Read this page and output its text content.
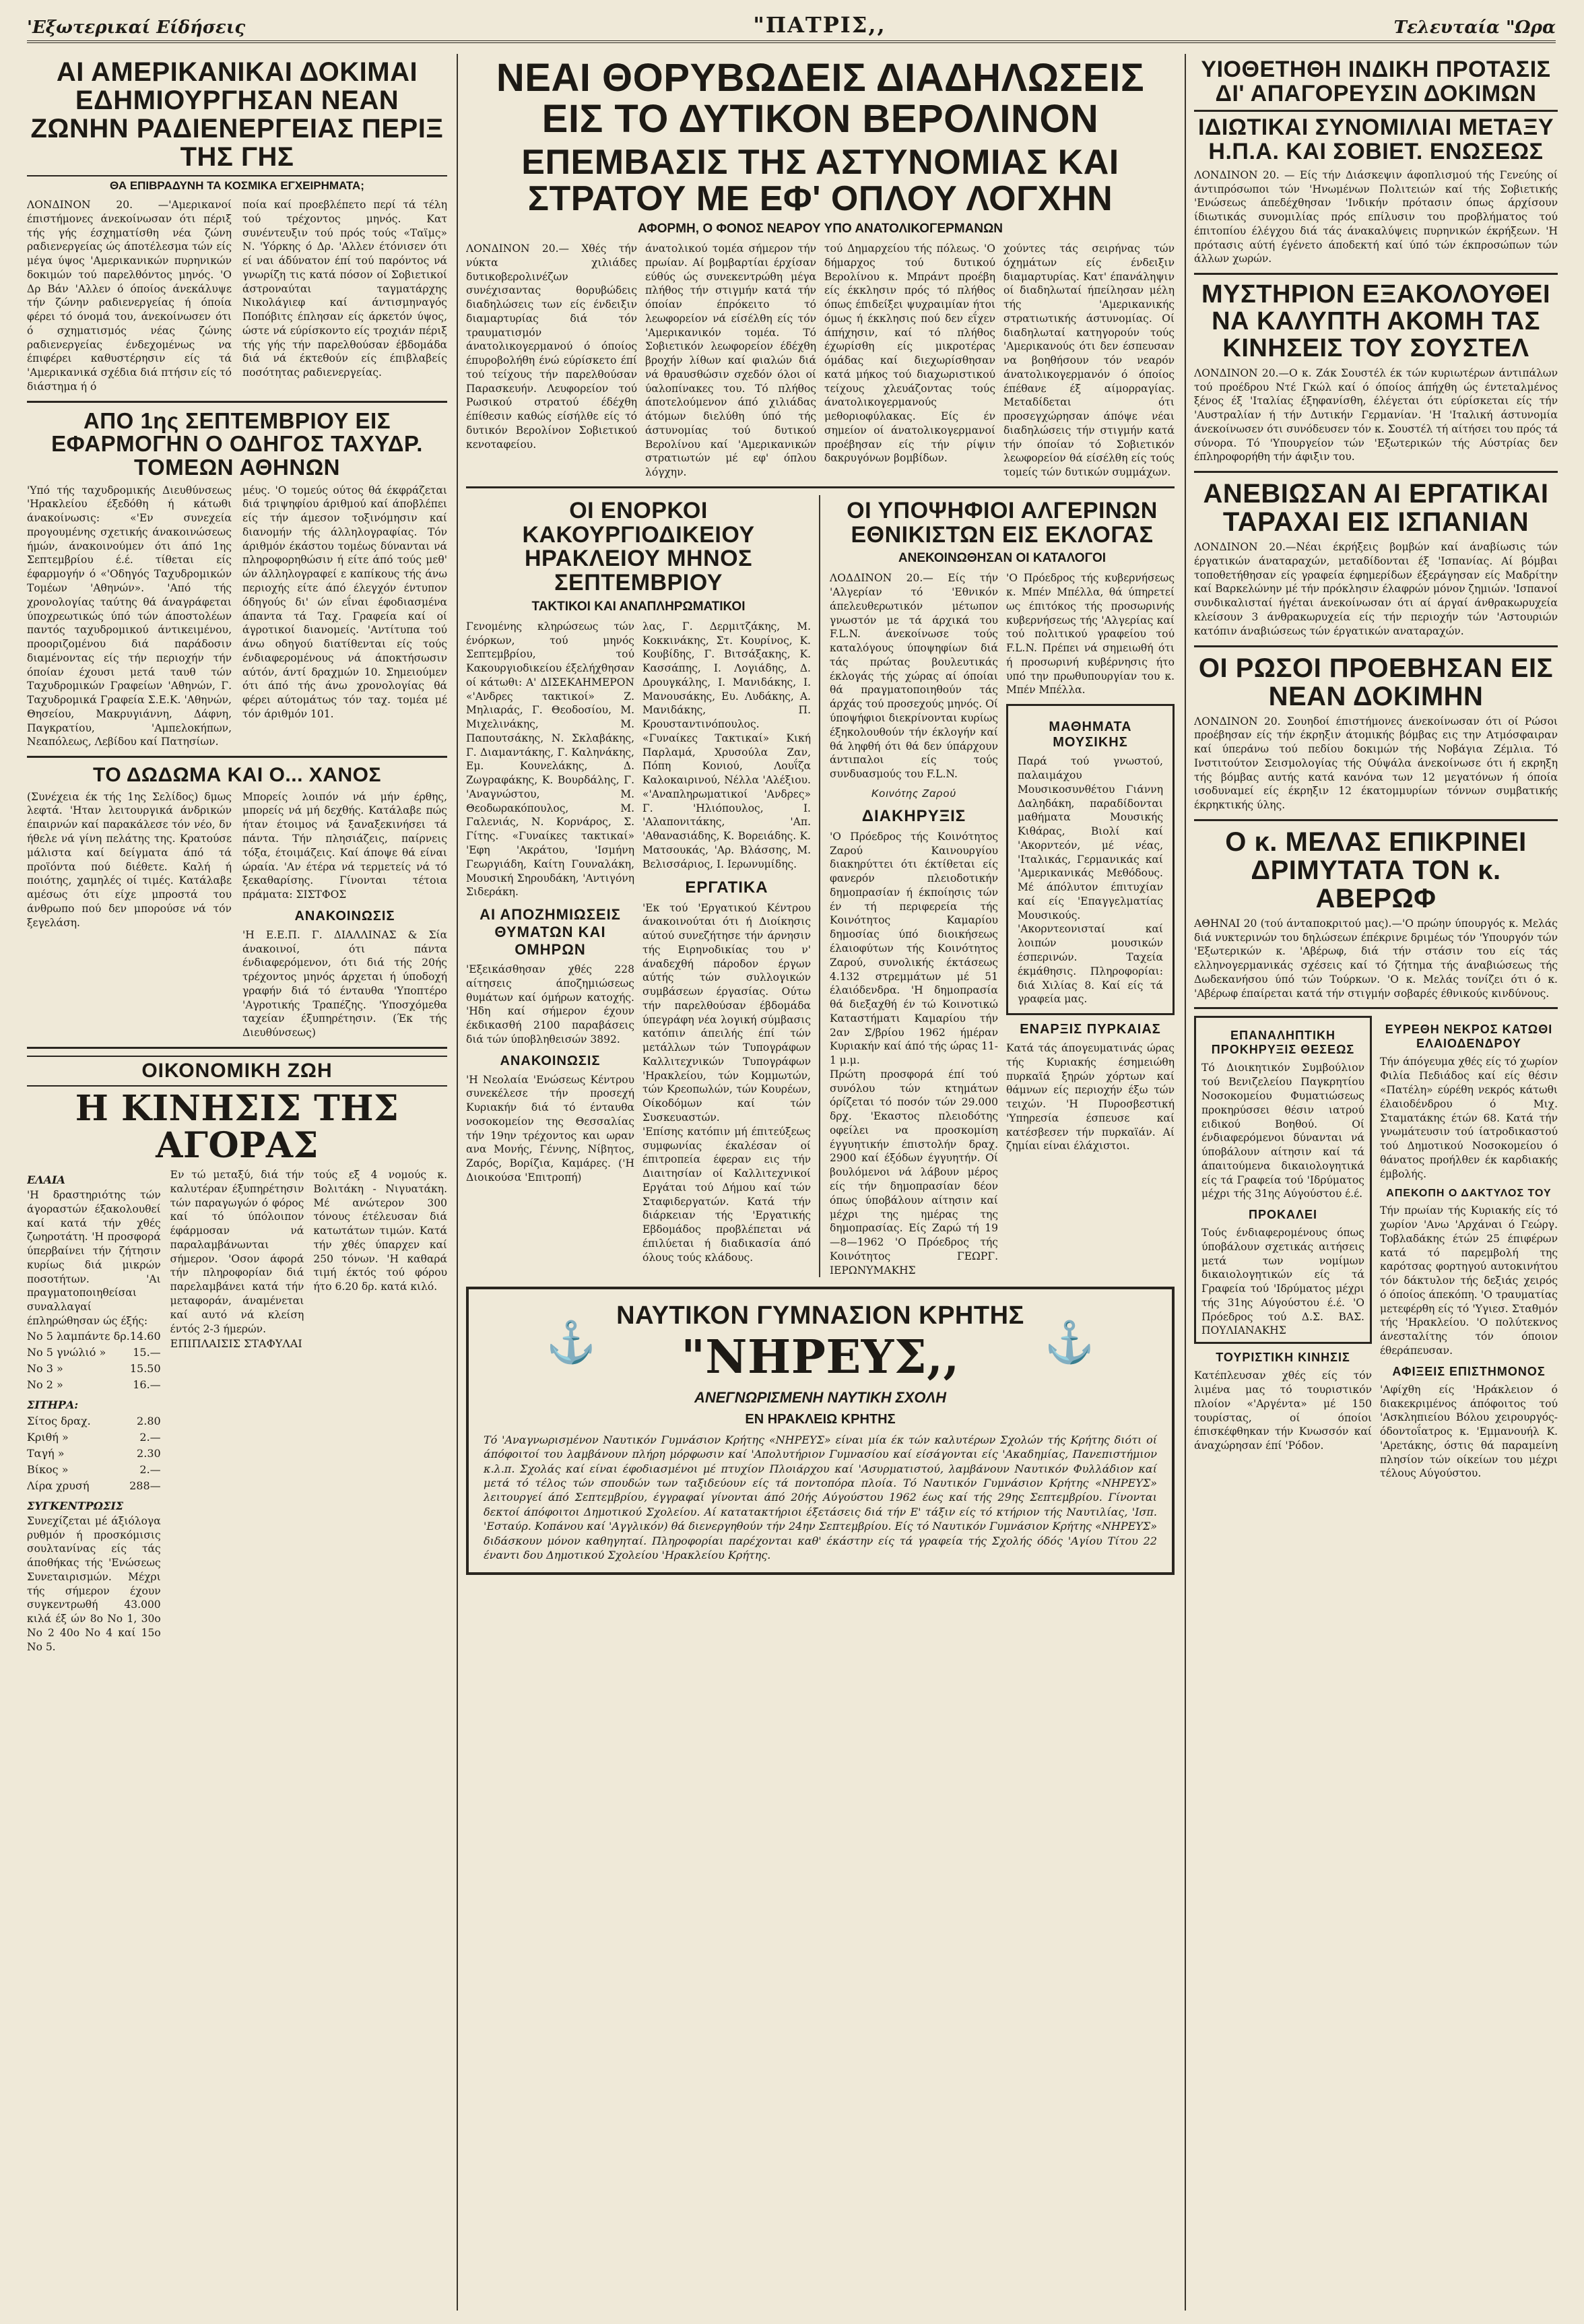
'Εξωτερικαί Είδήσεις	"ΠΑΤΡΙΣ,,	Τελευταία "Ωρα
ΑΙ ΑΜΕΡΙΚΑΝΙΚΑΙ ΔΟΚΙΜΑΙ ΕΔΗΜΙΟΥΡΓΗΣΑΝ ΝΕΑΝ ΖΩΝΗΝ ΡΑΔΙΕΝΕΡΓΕΙΑΣ ΠΕΡΙΞ ΤΗΣ ΓΗΣ
ΘΑ ΕΠΙΒΡΑΔΥΝΗ ΤΑ ΚΟΣΜΙΚΑ ΕΓΧΕΙΡΗΜΑΤΑ;

ΛΟΝΔΙΝΟΝ 20. —'Αμερικανοί έπιστήμονες άνεκοίνωσαν ότι πέριξ τής γής έσχηματίσθη νέα ζώνη ραδιενεργείας ώς άποτέλεσμα τών είς μέγα ύψος 'Αμερικανικών πυρηνικών δοκιμών τού παρελθόντος μηνός. 'Ο Δρ Βάν 'Αλλεν ό όποίος άνεκάλυψε τήν ζώνην ραδιενεργείας ή όποία φέρει τό όνομά του, άνεκοίνωσεν ότι ό σχηματισμός νέας ζώνης ραδιενεργείας ένδεχομένως να έπιφέρει καθυστέρησιν είς τά 'Αμερικανικά σχέδια διά πτήσιν είς τό διάστημα ή ό

ποία καί προεβλέπετο περί τά τέλη τού τρέχοντος μηνός. Κατ συνέντευξιν τού πρός τούς «Ταϊμς» Ν. 'Υόρκης ό Δρ. 'Αλλεν έτόνισεν ότι εί ναι άδύνατον έπί τού παρόντος νά γνωρίζη τις κατά πόσον οί Σοβιετικοί άστροναύται ταγματάρχης Νικολάγιεφ καί άντισμηναγός Ποπόβιτς έπλησαν είς άρκετόν ύψος, ώστε νά εύρίσκοντο είς τροχιάν πέριξ τής γής τήν παρελθούσαν έβδομάδα διά νά έκτεθούν είς έπιβλαβείς ποσότητας ραδιενεργείας.

ΑΠΟ 1ης ΣΕΠΤΕΜΒΡΙΟΥ ΕΙΣ ΕΦΑΡΜΟΓΗΝ Ο ΟΔΗΓΟΣ ΤΑΧΥΔΡ. ΤΟΜΕΩΝ ΑΘΗΝΩΝ

'Υπό τής ταχυδρομικής Διευθύνσεως 'Ηρακλείου έξεδόθη ή κάτωθι άνακοίνωσις: «'Εν συνεχεία προγουμένης σχετικής άνακοινώσεως ήμών, άνακοινούμεν ότι άπό 1ης Σεπτεμβρίου έ.έ. τίθεται είς έφαρμογήν ό «'Οδηγός Ταχυδρομικών Τομέων 'Αθηνών». 'Από τής χρονολογίας ταύτης θά άναγράφεται ύποχρεωτικώς ύπό τών άποστολέων παντός ταχυδρομικού άντικειμένου, προοριζομένου διά παράδοσιν διαμένοντας είς τήν περιοχήν τήν όποίαν έχουσι μετά ταυθ τών Ταχυδρομικών Γραφείων 'Αθηνών, Γ. Ταχυδρομικά Γραφεία Σ.Ε.Κ. 'Αθηνών, Θησείου, Μακρυγιάννη, Δάφνη, Παγκρατίου, 'Αμπελοκήπων, Νεαπόλεως, Λεβίδου καί Πατησίων.

μέυς. 'Ο τομεύς ούτος θά έκφράζεται διά τριψηφίου άριθμού καί άποβλέπει είς τήν άμεσον τοξινόμησιν καί διανομήν τής άλληλογραφίας. Τόν άριθμόν έκάστου τομέως δύνανται νά πληροφορηθώσιν ή είτε άπό τούς μεθ' ών άλληλογραφεί ε καπίκους τής άνω περιοχής είτε άπό έλεγχόν έντυπον όδηγούς δι' ών εΐναι έφοδιασμένα άπαντα τά Ταχ. Γραφεία καί οί άγροτικοί διανομείς. 'Αντίτυπα τού άνω οδηγού διατίθενται είς τούς ένδιαφερομένους νά άποκτήσωσιν αύτόν, άντί δραχμών 10. Σημειούμεν ότι άπό τής άνω χρονολογίας θά φέρει αύτομάτως τόν ταχ. τομέα μέ τόν άριθμόν 101.

ΤΟ ΔΩΔΩΜΑ ΚΑΙ Ο... ΧΑΝΟΣ

(Συνέχεια έκ τής 1ης Σελίδος) δμως λεφτά. 'Ηταν λειτουργικά άνδρικών έπαιρνών καί παρακάλεσε τόν νέο, δν ήθελε νά γίνη πελάτης της. Κρατούσε μάλιστα καί δείγματα άπό τά προϊόντα πού διέθετε. Καλή ή ποιότης, χαμηλές οί τιμές. Κατάλαβε αμέσως ότι είχε μπροστά του άνθρωπο πού δεν μπορούσε νά τόν ξεγελάση.

Μπορείς λοιπόν νά μήν έρθης, μπορείς νά μή δεχθής. Κατάλαβε πώς ήταν έτοιμος νά ξαναξεκινήσει τά πάντα. Τήν πλησιάζεις, παίρνεις τόξα, έτοιμάζεις. Καί άποψε θά είναι ώραία. 'Αν έτέρα νά τερμετείς νά τό ξεκαθαρίσης. Γίνονται τέτοια πράματα: ΣΙΣΤΦΟΣ

ΑΝΑΚΟΙΝΩΣΙΣ

'Η Ε.Ε.Π. Γ. ΔΙΑΛΛΙΝΑΣ & Σία άνακοινοί, ότι πάντα ένδιαφερόμενον, ότι διά τής 20ής τρέχοντος μηνός άρχεται ή ύποδοχή γραφήν διά τό ένταυθα 'Υποπτέρο 'Αγροτικής Τραπέζης. 'Υποσχόμεθα ταχείαν έξυπηρέτησιν. (Έκ τής Διευθύνσεως)

ΟΙΚΟΝΟΜΙΚΗ ΖΩΗ
Η ΚΙΝΗΣΙΣ ΤΗΣ ΑΓΟΡΑΣ
ΕΛΑΙΑ

'Η δραστηριότης τών άγοραστών έξακολουθεί καί κατά τήν χθές ζωηροτάτη. 'Η προσφορά ύπερβαίνει τήν ζήτησιν κυρίως διά μικρών ποσοτήτων. 'Αι πραγματοποιηθείσαι συναλλαγαί έπληρώθησαν ώς έξής:

Νο 5 λαμπάντε δρ. 14.60
Νο 5 γνώλιό » 15.—
Νο 3 »	15.50
Νο 2 »	16.—
ΣΙΤΗΡΑ:
Σίτος δραχ.	2.80
Κριθή »	2.—
Ταγή »	2.30
Βίκος »	2.—
Λίρα χρυσή	288—
ΣΥΓΚΕΝΤΡΩΣΙΣ

Συνεχίζεται μέ άξιόλογα ρυθμόν ή προσκόμισις σουλτανίνας είς τάς άποθήκας τής 'Ενώσεως Συνεταιρισμών. Μέχρι τής σήμερον έχουν συγκεντρωθή 43.000 κιλά έξ ών 8ο Νο 1, 30ο Νο 2 40ο Νο 4 καί 15ο Νο 5.

Εν τώ μεταξύ, διά τήν καλυτέραν έξυπηρέτησιν τών παραγωγών ό φόρος καί τό ύπόλοιπον έφάρμοσαν νά παραλαμβάνωνται σήμερον. 'Οσον άφορά τήν πληροφορίαν διά παρελαμβάνει κατά τήν μεταφοράν, άναμένεται καί αυτό νά κλείση έντός 2-3 ήμερών.

ΕΠΙΠΛΑΙΣΙΣ ΣΤΑΦΥΛΑΙ

τούς εξ 4 νομούς κ. Βολιτάκη - Νιγυατάκη. Μέ ανώτερον 300 τόνους έτέλευσαν διά κατωτάτων τιμών. Κατά τήν χθές ύπαρχεν καί 250 τόνων. 'Η καθαρά τιμή έκτός τού φόρου ήτο 6.20 δρ. κατά κιλό.

ΝΕΑΙ ΘΟΡΥΒΩΔΕΙΣ ΔΙΑΔΗΛΩΣΕΙΣ ΕΙΣ ΤΟ ΔΥΤΙΚΟΝ ΒΕΡΟΛΙΝΟΝ
ΕΠΕΜΒΑΣΙΣ ΤΗΣ ΑΣΤΥΝΟΜΙΑΣ ΚΑΙ ΣΤΡΑΤΟΥ ΜΕ ΕΦ' ΟΠΛΟΥ ΛΟΓΧΗΝ
ΑΦΟΡΜΗ, Ο ΦΟΝΟΣ ΝΕΑΡΟΥ ΥΠΟ ΑΝΑΤΟΛΙΚΟΓΕΡΜΑΝΩΝ

ΛΟΝΔΙΝΟΝ 20.— Χθές τήν νύκτα χιλιάδες δυτικοβερολινέζων συνέχισαντας θορυβώδεις διαδηλώσεις των είς ένδειξιν διαμαρτυρίας διά τόν τραυματισμόν άνατολικογερμανού ό όποίος έπυροβολήθη ένώ εύρίσκετο έπί τού τείχους τήν παρελθούσαν Παρασκευήν. Λευφορείον τού Ρωσικού στρατού έδέχθη έπίθεσιν καθώς είσήλθε είς τό δυτικόν Βερολίνον Σοβιετικού κενοταφείου.

άνατολικού τομέα σήμερον τήν πρωίαν. Αί βομβαρτίαι έρχίσαν εύθύς ώς συνεκεντρώθη μέγα πλήθος τήν στιγμήν κατά τήν όποίαν έπρόκειτο τό λεωφορείον νά είσέλθη είς τόν 'Αμερικανικόν τομέα. Τό Σοβιετικόν λεωφορείον έδέχθη βροχήν λίθων καί φιαλών διά νά θραυσθώσιν σχεδόν όλοι οί ύαλοπίνακες του. Τό πλήθος άποτελούμενον άπό χιλιάδας άτόμων διελύθη ύπό τής άστυνομίας τού δυτικού Βερολίνου καί 'Αμερικανικών στρατιωτών μέ εφ' όπλου λόγχην.

τού Δημαρχείου τής πόλεως. 'Ο δήμαρχος τού δυτικού Βερολίνου κ. Μπράντ προέβη είς έκκλησιν πρός τό πλήθος όπως έπιδείξει ψυχραιμίαν ήτοι όμως ή έκκλησις πού δεν εΐχεν άπήχησιν, καί τό πλήθος έχωρίσθη είς μικροτέρας όμάδας καί διεχωρίσθησαν κατά μήκος τού διαχωριστικού τείχους χλευάζοντας τούς άνατολικογερμανούς μεθοριοφύλακας. Είς έν σημείον οί άνατολικογερμανοί προέβησαν είς τήν ρίψιν δακρυγόνων βομβίδων.

χούντες τάς σειρήνας τών όχημάτων είς ένδειξιν διαμαρτυρίας. Κατ' έπανάληψιν οί διαδηλωταί ήπείλησαν μέλη τής 'Αμερικανικής στρατιωτικής άστυνομίας. Οί διαδηλωταί κατηγορούν τούς 'Αμερικανούς ότι δεν έσπευσαν να βοηθήσουν τόν νεαρόν άνατολικογερμανόν ό όποίος έπέθανε έξ αίμορραγίας. Μεταδίδεται ότι προσεγχώρησαν άπόψε νέαι διαδηλώσεις τήν στιγμήν κατά τήν όποίαν τό Σοβιετικόν λεωφορείον θά είσέλθη είς τούς τομείς τών δυτικών συμμάχων.

ΟΙ ΕΝΟΡΚΟΙ ΚΑΚΟΥΡΓΙΟΔΙΚΕΙΟΥ ΗΡΑΚΛΕΙΟΥ ΜΗΝΟΣ ΣΕΠΤΕΜΒΡΙΟΥ
ΤΑΚΤΙΚΟΙ ΚΑΙ ΑΝΑΠΛΗΡΩΜΑΤΙΚΟΙ

Γενομένης κληρώσεως τών ένόρκων, τού μηνός Σεπτεμβρίου, τού Κακουργιοδικείου έξελήχθησαν οί κάτωθι: Α' ΔΙΣΕΚΑΗΜΕΡΟΝ «'Ανδρες τακτικοί» Ζ. Μηλιαράς, Γ. Θεοδοσίου, Μ. Μιχελινάκης, Μ. Παπουτσάκης, Ν. Σκλαβάκης, Γ. Διαμαντάκης, Γ. Καληνάκης, Εμ. Κουνελάκης, Δ. Ζωγραφάκης, Κ. Βουρδάλης, Γ. 'Αναγνώστου, Μ. Θεοδωρακόπουλος, Μ. Γαλενιάς, Ν. Κορνάρος, Σ. Γίτης. «Γυναίκες τακτικαί» 'Εφη 'Ακράτου, 'Ισμήνη Γεωργιάδη, Καίτη Γουναλάκη, Μουσική Σηρουδάκη, 'Αντιγόνη Σιδεράκη.

ΑΙ ΑΠΟΖΗΜΙΩΣΕΙΣ ΘΥΜΑΤΩΝ ΚΑΙ ΟΜΗΡΩΝ

'Εξεικάσθησαν χθές 228 αίτησεις άποζημιώσεως θυμάτων καί όμήρων κατοχής. 'Ηδη καί σήμερον έχουν έκδικασθή 2100 παραβάσεις διά τών ύποβληθεισών 3892.

ΑΝΑΚΟΙΝΩΣΙΣ

'Η Νεολαία 'Ενώσεως Κέντρου συνεκέλεσε τήν προσεχή Κυριακήν διά τό ένταυθα νοσοκομείον της Θεσσαλίας τήν 19ην τρέχοντος και ωραν ανα Μονής, Γέννης, Νίβητος, Ζαρός, Βορίζια, Καμάρες. ('Η Διοικούσα 'Επιτροπή)

λας, Γ. Δερμιτζάκης, Μ. Κοκκινάκης, Στ. Κουρίνος, Κ. Κουβίδης, Γ. Βιτσάξακης, Κ. Κασσάπης, Ι. Λογιάδης, Δ. Δρουγκάλης, Ι. Μανιδάκης, Ι. Μανουσάκης, Ευ. Λυδάκης, Α. Μανιδάκης, Π. Κρουσταντινόπουλος. «Γυναίκες Τακτικαί» Κική Παρλαμά, Χρυσούλα Ζαν, Πόπη Κονιού, Λουΐζα Καλοκαιρινού, Νέλλα 'Αλέξιου. «'Αναπληρωματικοί 'Ανδρες» Γ. 'Ηλιόπουλος, Ι. 'Αλαπονιτάκης, 'Απ. 'Αθανασιάδης, Κ. Βορειάδης. Κ. Ματσουκάς, 'Αρ. Βλάσσης, Μ. Βελισσάριος, Ι. Ιερωνυμίδης.

ΕΡΓΑΤΙΚΑ

'Εκ τού 'Εργατικού Κέντρου άνακοινούται ότι ή Διοίκησις αύτού συνεζήτησε τήν άρνησιν τής Ειρηνοδικίας του ν' άναδεχθή πάροδον έργων αύτής τών συλλογικών συμβάσεων έργασίας. Ούτω τήν παρελθούσαν έβδομάδα ύπεγράφη νέα λογική σύμβασις κατόπιν άπειλής έπί τών μετάλλων τών Τυπογράφων Καλλιτεχνικών Τυπογράφων 'Ηρακλείου, τών Κομμωτών, τών Κρεοπωλών, τών Κουρέων, Οίκοδόμων καί τών Συσκευαστών.

'Επίσης κατόπιν μή έπιτεύξεως συμφωνίας έκαλέσαν οί έπιτροπεία έφεραν εις τήν Διαιτησίαν οί Καλλιτεχνικοί Εργάται τού Δήμου καί τών Σταφιδεργατών. Κατά τήν διάρκειαν τής 'Εργατικής Εβδομάδος προβλέπεται νά έπιλύεται ή διαδικασία άπό όλους τούς κλάδους.

ΟΙ ΥΠΟΨΗΦΙΟΙ ΑΛΓΕΡΙΝΩΝ ΕΘΝΙΚΙΣΤΩΝ ΕΙΣ ΕΚΛΟΓΑΣ
ΑΝΕΚΟΙΝΩΘΗΣΑΝ ΟΙ ΚΑΤΑΛΟΓΟΙ

ΛΟΔΔΙΝΟΝ 20.— Είς τήν 'Αλγερίαν τό 'Εθνικόν άπελευθερωτικόν μέτωπον γνωστόν με τά άρχικά του F.L.N. άνεκοίνωσε τούς καταλόγους ύποψηφίων διά τάς πρώτας βουλευτικάς έκλογάς τής χώρας αί όποίαι θά πραγματοποιηθούν τάς άρχάς τού προσεχούς μηνός. Οί ύποψήφιοι διεκρίνονται κυρίως έξηκολουθούν τήν έκλογήν καί θά ληφθή ότι θά δεν ύπάρχουν άντιπαλοι είς τούς συνδυασμούς του F.L.N.

Κοινότης Ζαρού
ΔΙΑΚΗΡΥΞΙΣ

'Ο Πρόεδρος τής Κοινότητος Ζαρού Καινουργίου διακηρύττει ότι έκτίθεται είς φανερόν πλειοδοτικήν δημοπρασίαν ή έκποίησις τών έν τή περιφερεία τής Κοινότητος Καμαρίου δημοσίας ύπό διοικήσεως έλαιοφύτων τής Κοινότητος Ζαρού, συνολικής έκτάσεως 4.132 στρεμμάτων μέ 51 έλαιόδενδρα. 'Η δημοπρασία θά διεξαχθή έν τώ Κοινοτικώ Καταστήματι Καμαρίου τήν 2αν Σ/βρίου 1962 ήμέραν Κυριακήν καί άπό τής ώρας 11-1 μ.μ.

Πρώτη προσφορά έπί τού συνόλου τών κτημάτων όρίζεται τό ποσόν τών 29.000 δρχ. 'Εκαστος πλειοδότης οφείλει να προσκομίση έγγυητικήν έπιστολήν δραχ. 2900 καί έξόδων έγγυητήν. Οί βουλόμενοι νά λάβουν μέρος είς τήν δημοπρασίαν δέον όπως ύποβάλουν αίτησιν καί μέχρι της ημέρας της δημοπρασίας. Είς Ζαρώ τή 19—8—1962 'Ο Πρόεδρος τής Κοινότητος ΓΕΩΡΓ. ΙΕΡΩΝΥΜΑΚΗΣ

'Ο Πρόεδρος τής κυβερνήσεως κ. Μπέν Μπέλλα, θά ύπηρετεί ως έπιτόκος τής προσωρινής κυβερνήσεως τής 'Αλγερίας καί τού πολιτικού γραφείου τού F.L.N. Πρέπει νά σημειωθή ότι ή προσωρινή κυβέρνησις ήτο υπό την πρωθυπουργίαν του κ. Μπέν Μπέλλα.

ΜΑΘΗΜΑΤΑ ΜΟΥΣΙΚΗΣ

Παρά τού γνωστού, παλαιμάχου Μουσικοσυνθέτου Γιάννη Δαληδάκη, παραδίδονται μαθήματα Μουσικής Κιθάρας, Βιολί καί 'Ακορντεόν, μέ νέας, 'Ιταλικάς, Γερμανικάς καί 'Αμερικανικάς Μεθόδους. Μέ άπόλυτον έπιτυχίαν καί είς 'Επαγγελματίας Μουσικούς. 'Ακορντεονισταί καί λοιπών μουσικών έσπερινών. Ταχεία έκμάθησις. Πληροφορίαι: διά Χιλίας 8. Καί είς τά γραφεία μας.

ΕΝΑΡΞΙΣ ΠΥΡΚΑΙΑΣ

Κατά τάς άπογευματινάς ώρας τής Κυριακής έσημειώθη πυρκαϊά ξηρών χόρτων καί θάμνων είς περιοχήν έξω τών τειχών. 'Η Πυροσβεστική 'Υπηρεσία έσπευσε καί κατέσβεσεν τήν πυρκαϊάν. Αί ζημίαι είναι έλάχιστοι.

⚓
ΝΑΥΤΙΚΟΝ ΓΥΜΝΑΣΙΟΝ ΚΡΗΤΗΣ
"ΝΗΡΕΥΣ,,	⚓
ΑΝΕΓΝΩΡΙΣΜΕΝΗ ΝΑΥΤΙΚΗ ΣΧΟΛΗ
ΕΝ ΗΡΑΚΛΕΙΩ ΚΡΗΤΗΣ

Τό 'Αναγνωρισμένον Ναυτικόν Γυμνάσιον Κρήτης «ΝΗΡΕΥΣ» είναι μία έκ τών καλυτέρων Σχολών τής Κρήτης διότι οί άπόφοιτοί του λαμβάνουν πλήρη μόρφωσιν καί 'Απολυτήριον Γυμνασίου καί είσάγονται είς 'Ακαδημίας, Πανεπιστήμιον κ.λ.π. Σχολάς καί είναι έφοδιασμένοι μέ πτυχίον Πλοιάρχου καί 'Ασυρματιστού, λαμβάνουν Ναυτικόν Φυλλάδιον καί μετά τό τέλος τών σπουδών των ταξιδεύουν είς τά ποντοπόρα πλοία. Τό Ναυτικόν Γυμνάσιον Κρήτης «ΝΗΡΕΥΣ» λειτουργεί άπό Σεπτεμβρίου, έγγραφαί γίνονται άπό 20ής Αύγούστου 1962 έως καί τής 29ης Σεπτεμβρίου. Γίνονται δεκτοί άπόφοιτοι Δημοτικού Σχολείου. Αί κατατακτήριοι έξετάσεις διά τήν Ε' τάξιν είς τό κτήριον τής Ναυτιλίας, 'Ισπ. 'Εσταύρ. Κοπάνου καί 'Αγγλικόν) θά διενεργηθούν τήν 24ην Σεπτεμβρίου. Είς τό Ναυτικόν Γυμνάσιον Κρήτης «ΝΗΡΕΥΣ» διδάσκουν μόνον καθηγηταί. Πληροφορίαι παρέχονται καθ' έκάστην είς τά γραφεία τής Σχολής όδός 'Αγίου Τίτου 22 έναντι δου Δημοτικού Σχολείου 'Ηρακλείου Κρήτης.

ΥΙΟΘΕΤΗΘΗ ΙΝΔΙΚΗ ΠΡΟΤΑΣΙΣ ΔΙ' ΑΠΑΓΟΡΕΥΣΙΝ ΔΟΚΙΜΩΝ
ΙΔΙΩΤΙΚΑΙ ΣΥΝΟΜΙΛΙΑΙ ΜΕΤΑΞΥ Η.Π.Α. ΚΑΙ ΣΟΒΙΕΤ. ΕΝΩΣΕΩΣ

ΛΟΝΔΙΝΟΝ 20. — Είς τήν Διάσκεψιν άφοπλισμού τής Γενεύης οί άντιπρόσωποι τών 'Ηνωμένων Πολιτειών καί τής Σοβιετικής 'Ενώσεως άπεδέχθησαν 'Ινδικήν πρότασιν όπως άρχίσουν ίδιωτικάς συνομιλίας πρός επίλυσιν του προβλήματος τού έπιτοπίου έλέγχου διά τάς άνακαλύψεις πυρηνικών έκρήξεων. 'Η πρότασις αύτή έγένετο άποδεκτή καί ύπό τών έκπροσώπων τών άλλων χωρών.

ΜΥΣΤΗΡΙΟΝ ΕΞΑΚΟΛΟΥΘΕΙ ΝΑ ΚΑΛΥΠΤΗ ΑΚΟΜΗ ΤΑΣ ΚΙΝΗΣΕΙΣ ΤΟΥ ΣΟΥΣΤΕΛ

ΛΟΝΔΙΝΟΝ 20.—Ο κ. Ζάκ Σουστέλ έκ τών κυριωτέρων άντιπάλων τού προέδρου Ντέ Γκώλ καί ό όποίος άπήχθη ώς έντεταλμένος ξένος έξ 'Ιταλίας έξηφανίσθη, έλέγεται ότι εύρίσκεται είς τήν 'Αυστραλίαν ή τήν Δυτικήν Γερμανίαν. 'Η 'Ιταλική άστυνομία άνεκοίνωσεν ότι συνόδευσεν τόν κ. Σουστέλ τή αίτήσει του πρός τά σύνορα. Τό 'Υπουργείον τών 'Εξωτερικών τής Αύστρίας δεν έπληροφορήθη τήν άφιξιν του.

ΑΝΕΒΙΩΣΑΝ ΑΙ ΕΡΓΑΤΙΚΑΙ ΤΑΡΑΧΑΙ ΕΙΣ ΙΣΠΑΝΙΑΝ

ΛΟΝΔΙΝΟΝ 20.—Νέαι έκρήξεις βομβών καί άναβίωσις τών έργατικών άναταραχών, μεταδίδονται έξ 'Ισπανίας. Αί βόμβαι τοποθετήθησαν είς γραφεία έφημερίδων έξεράγησαν είς Μαδρίτην καί Βαρκελώνην μέ τήν πρόκλησιν έλαφρών μόνον ζημιών. 'Ισπανοί συνδικαλισταί ήγέται άνεκοίνωσαν ότι αί άργαί άνθρακωρυχεία κλείσουν 3 άνθρακωρυχεία είς τήν περιοχήν τών 'Αστουριών κατόπιν άναβιώσεως τών έργατικών αναταραχών.

ΟΙ ΡΩΣΟΙ ΠΡΟΕΒΗΣΑΝ ΕΙΣ ΝΕΑΝ ΔΟΚΙΜΗΝ

ΛΟΝΔΙΝΟΝ 20. Σουηδοί έπιστήμονες άνεκοίνωσαν ότι οί Ρώσοι προέβησαν είς τήν έκρηξιν άτομικής βόμβας εις την Ατμόσφαιραν καί ύπεράνω τού πεδίου δοκιμών τής Νοβάγια Ζέμλια. Τό Ινστιτούτον Σεισμολογίας τής Ούψάλα άνεκοίνωσε ότι ή εκρηξη τής βόμβας αυτής κατά κανόνα των 12 μεγατόνων ή όποία ισοδυναμεί είς έκρηξιν 12 έκατομμυρίων τόννων συμβατικής έκρηκτικής ύλης.

Ο κ. ΜΕΛΑΣ ΕΠΙΚΡΙΝΕΙ ΔΡΙΜΥΤΑΤΑ ΤΟΝ κ. ΑΒΕΡΩΦ

ΑΘΗΝΑΙ 20 (τού άνταποκριτού μας).—'Ο πρώην ύπουργός κ. Μελάς διά νυκτερινών του δηλώσεων έπέκρινε δριμέως τόν 'Υπουργόν τών 'Εξωτερικών κ. 'Αβέρωφ, διά τήν στάσιν του είς τάς ελληνογερμανικάς σχέσεις καί τό ζήτημα τής άναβιώσεως τής Δωδεκανήσου ύπό τών Τούρκων. 'Ο κ. Μελάς τονίζει ότι ό κ. 'Αβέρωφ έπαίρεται κατά τήν στιγμήν σοβαρές έθνικούς κινδύνους.

ΕΠΑΝΑΛΗΠΤΙΚΗ ΠΡΟΚΗΡΥΞΙΣ ΘΕΣΕΩΣ

Τό Διοικητικόν Συμβούλιον τού Βενιζελείου Παγκρητίου Νοσοκομείου Φυματιώσεως προκηρύσσει θέσιν ιατρού ειδικού Βοηθού. Οί ένδιαφερόμενοι δύνανται νά ύποβάλουν αίτησιν καί τά άπαιτούμενα δικαιολογητικά είς τά Γραφεία τού 'Ιδρύματος μέχρι τής 31ης Αύγούστου έ.έ.

ΠΡΟΚΑΛΕΙ

Τούς ένδιαφερομένους όπως ύποβάλουν σχετικάς αιτήσεις μετά των νομίμων δικαιολογητικών είς τά Γραφεία τού 'Ιδρύματος μέχρι τής 31ης Αύγούστου έ.έ. 'Ο Πρόεδρος τού Δ.Σ. ΒΑΣ. ΠΟΥΛΙΑΝΑΚΗΣ

ΤΟΥΡΙΣΤΙΚΗ ΚΙΝΗΣΙΣ

Κατέπλευσαν χθές είς τόν λιμένα μας τό τουριστικόν πλοίον «'Αργέντα» μέ 150 τουρίστας, οί όποίοι έπισκέφθηκαν τήν Κνωσσόν καί άναχώρησαν έπί 'Ρόδον.

ΕΥΡΕΘΗ ΝΕΚΡΟΣ ΚΑΤΩΘΙ ΕΛΑΙΟΔΕΝΔΡΟΥ

Τήν άπόγευμα χθές είς τό χωρίον Φιλία Πεδιάδος καί είς θέσιν «Πατέλη» εύρέθη νεκρός κάτωθι έλαιοδένδρου ό Μιχ. Σταματάκης έτών 68. Κατά τήν γνωμάτευσιν τού ίατροδικαστού τού Δημοτικού Νοσοκομείου ό θάνατος προήλθεν έκ καρδιακής έμβολής.

ΑΠΕΚΟΠΗ Ο ΔΑΚΤΥΛΟΣ ΤΟΥ

Τήν πρωίαν τής Κυριακής είς τό χωρίον 'Ανω 'Αρχάναι ό Γεώργ. Τοβλαδάκης έτών 25 έπιφέρων κατά τό παρεμβολή της καρότσας φορτηγού αυτοκινήτου τόν δάκτυλον τής δεξιάς χειρός ό όποίος άπεκόπη. 'Ο τραυματίας μετεφέρθη είς τό 'Υγιεσ. Σταθμόν τής 'Ηρακλείου. 'Ο πολύτεκνος άνεσταλίτης τόν όποιον έθεράπευσαν.

ΑΦΙΞΕΙΣ ΕΠΙΣΤΗΜΟΝΟΣ

'Αφίχθη είς 'Ηράκλειον ό διακεκριμένος άπόφοιτος τού 'Ασκληπιείου Βόλου χειρουργός-όδοντοΐατρος κ. 'Εμμανουήλ Κ. 'Αρετάκης, όστις θά παραμείνη πλησίον τών οίκείων του μέχρι τέλους Αύγούστου.
